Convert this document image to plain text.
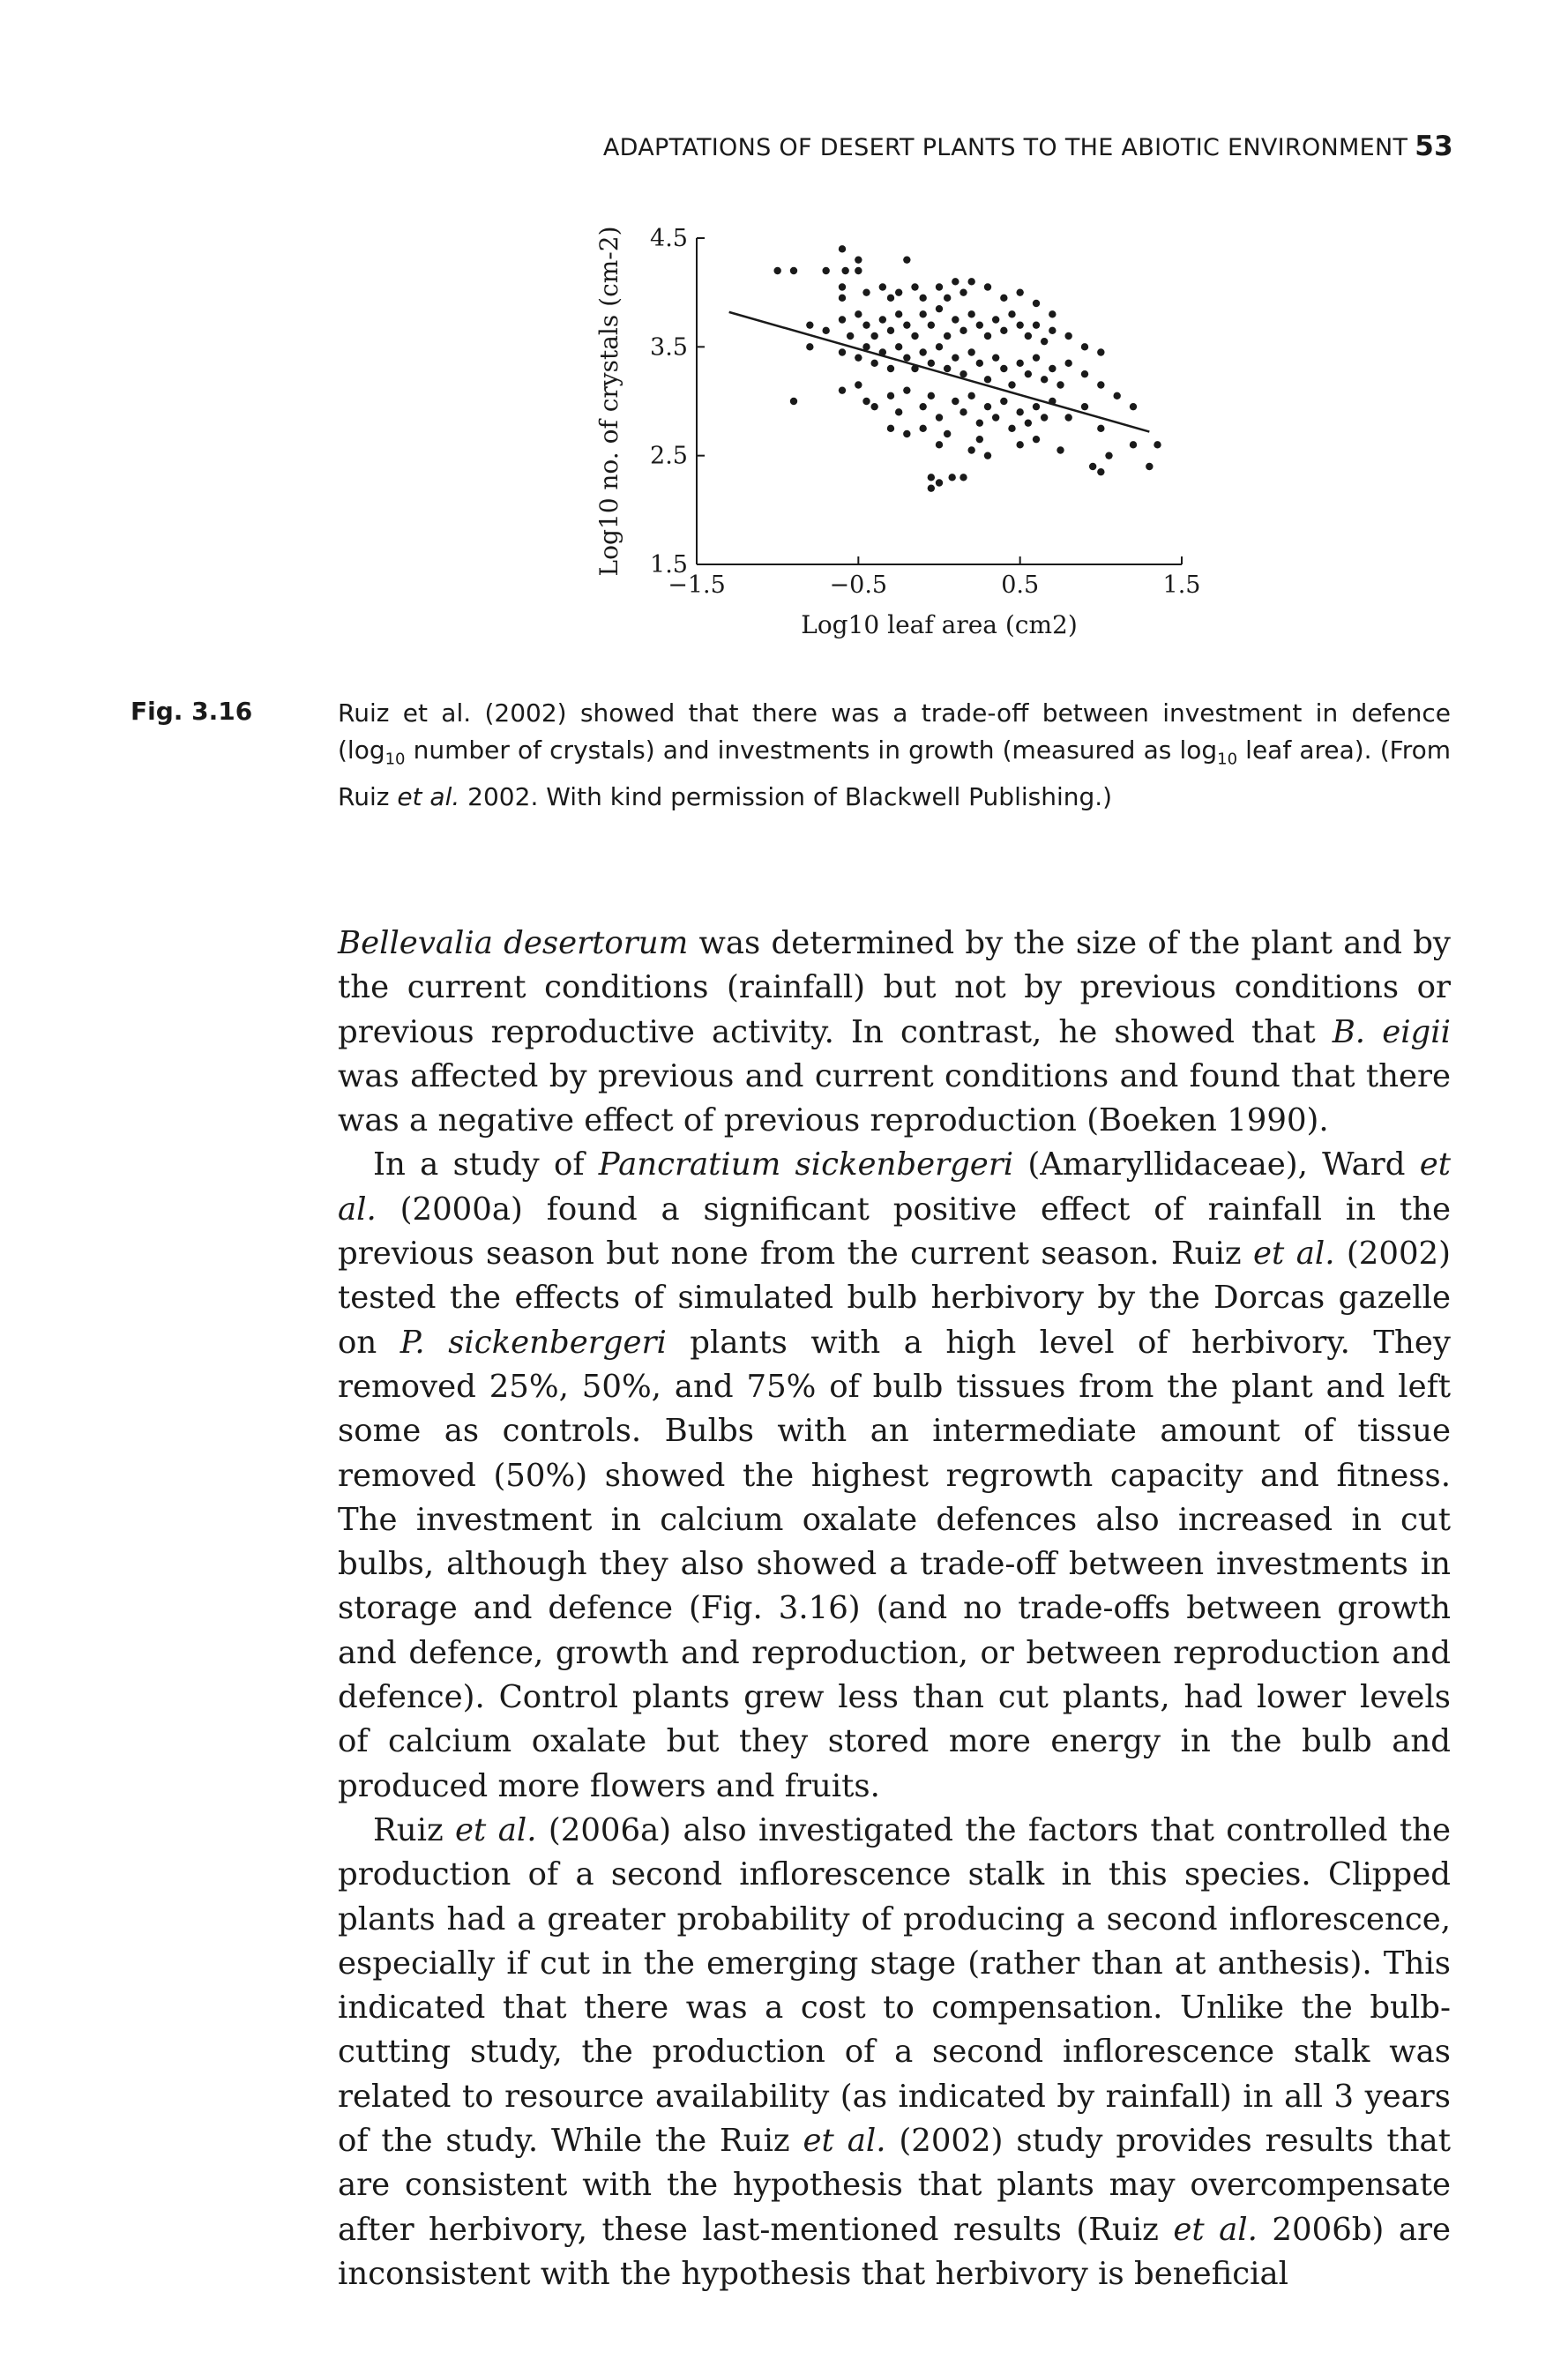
ADAPTATIONS OF DESERT PLANTS TO THE ABIOTIC ENVIRONMENT 53
1.5
2.5
3.5
4.5
−1.5	−0.5	0.5	1.5
Log10 leaf area (cm2)
Log10 no. of crystals (cm-2)
Fig. 3.16	Ruiz et al. (2002) showed that there was a trade-off between investment in defence ($\log_{10}$ number of crystals) and investments in growth (measured as $\log_{10}$ leaf area). (From Ruiz et al. 2002. With kind permission of Blackwell Publishing.)

Bellevalia desertorum was determined by the size of the plant and by the current conditions (rainfall) but not by previous conditions or previous reproductive activity. In contrast, he showed that B. eigii was affected by previous and current conditions and found that there was a negative effect of previous reproduction (Boeken 1990).

In a study of Pancratium sickenbergeri (Amaryllidaceae), Ward et al. (2000a) found a significant positive effect of rainfall in the previous season but none from the current season. Ruiz et al. (2002) tested the effects of simulated bulb herbivory by the Dorcas gazelle on P. sickenbergeri plants with a high level of herbivory. They removed 25%, 50%, and 75% of bulb tissues from the plant and left some as controls. Bulbs with an intermediate amount of tissue removed (50%) showed the highest regrowth capacity and fitness. The investment in calcium oxalate defences also increased in cut bulbs, although they also showed a trade-off between investments in storage and defence (Fig. 3.16) (and no trade-offs between growth and defence, growth and reproduction, or between reproduction and defence). Control plants grew less than cut plants, had lower levels of calcium oxalate but they stored more energy in the bulb and produced more flowers and fruits.

Ruiz et al. (2006a) also investigated the factors that controlled the production of a second inflorescence stalk in this species. Clipped plants had a greater probability of producing a second inflorescence, especially if cut in the emerging stage (rather than at anthesis). This indicated that there was a cost to compensation. Unlike the bulb-cutting study, the production of a second inflorescence stalk was related to resource availability (as indicated by rainfall) in all 3 years of the study. While the Ruiz et al. (2002) study provides results that are consistent with the hypothesis that plants may overcompensate after herbivory, these last-mentioned results (Ruiz et al. 2006b) are inconsistent with the hypothesis that herbivory is beneficial
